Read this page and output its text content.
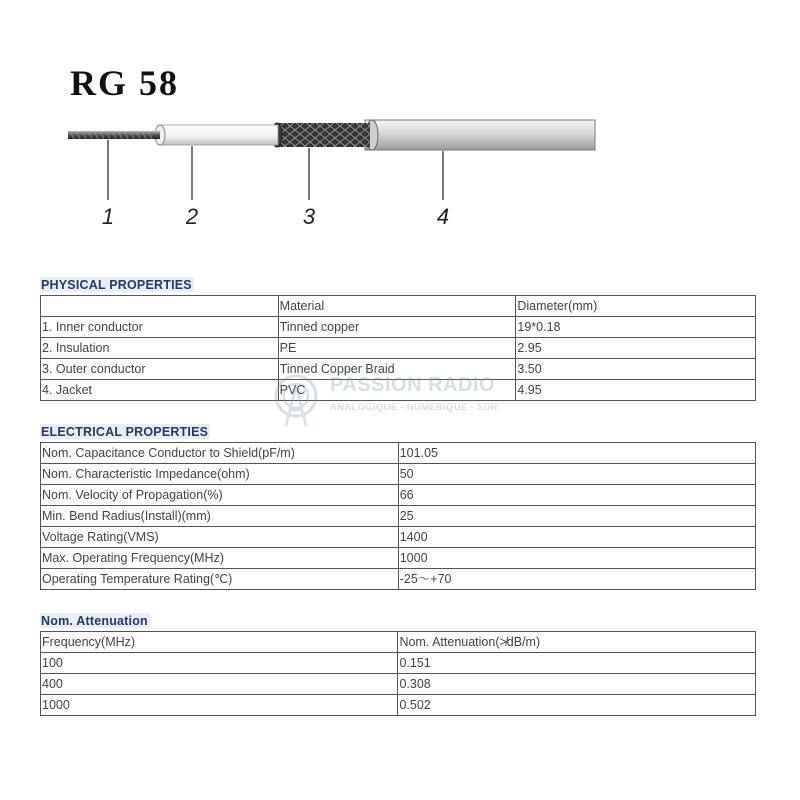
RG 58
1	2	3	4
PHYSICAL PROPERTIES
	Material	Diameter(mm)
1. Inner conductor	Tinned copper	19*0.18
2. Insulation	PE	2.95
3. Outer conductor	Tinned Copper Braid	3.50
4. Jacket	PVC	4.95
ELECTRICAL PROPERTIES
Nom. Capacitance Conductor to Shield(pF/m)	101.05
Nom. Characteristic Impedance(ohm)	50
Nom. Velocity of Propagation(%)	66
Min. Bend Radius(Install)(mm)	25
Voltage Rating(VMS)	1400
Max. Operating Frequency(MHz)	1000
Operating Temperature Rating(℃)	-25～+70
Nom. Attenuation
Frequency(MHz)	Nom. Attenuation(≯dB/m)
100	0.151
400	0.308
1000	0.502
PASSION RADIO
ANALOGIQUE - NUMERIQUE - SDR
